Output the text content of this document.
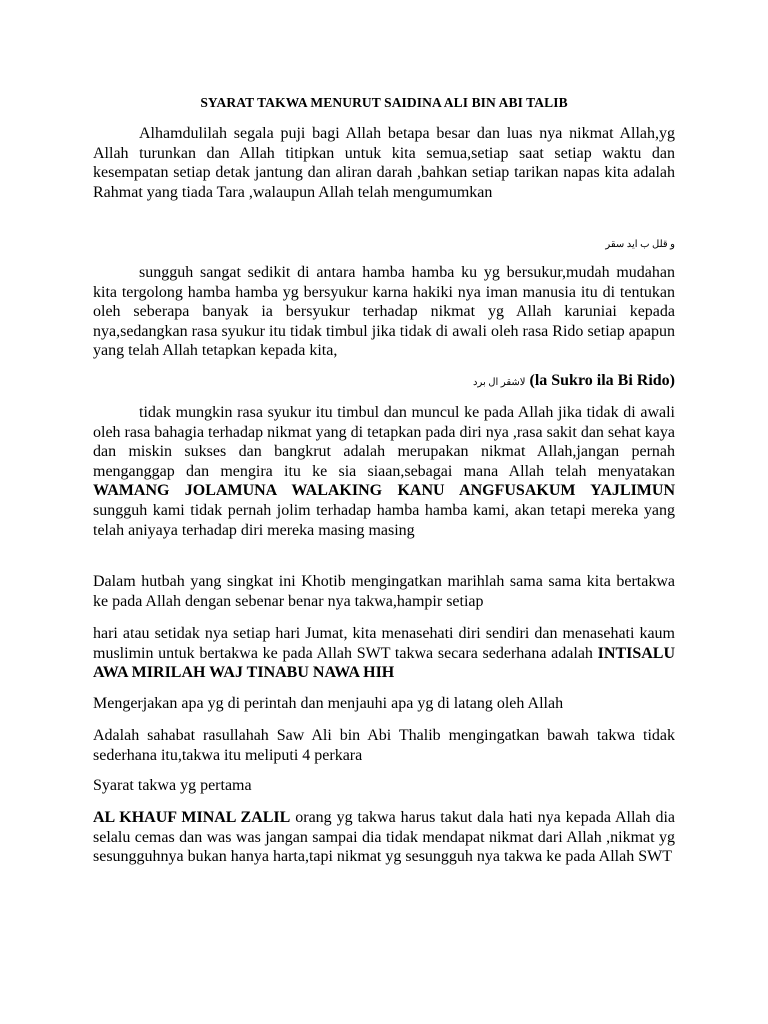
SYARAT TAKWA MENURUT SAIDINA ALI BIN ABI TALIB

Alhamdulilah segala puji bagi Allah betapa besar dan luas nya nikmat Allah,yg Allah turunkan dan Allah titipkan untuk kita semua,setiap saat setiap waktu dan kesempatan setiap detak jantung dan aliran darah ,bahkan setiap tarikan napas kita adalah Rahmat yang tiada Tara ,walaupun Allah telah mengumumkan

و قلل ب ايد سقر

sungguh sangat sedikit di antara hamba hamba ku yg bersukur,mudah mudahan kita tergolong hamba hamba yg bersyukur karna hakiki nya iman manusia itu di tentukan oleh seberapa banyak ia bersyukur terhadap nikmat yg Allah karuniai kepada nya,sedangkan rasa syukur itu tidak timbul jika tidak di awali oleh rasa Rido setiap apapun yang telah Allah tetapkan kepada kita,

لاشقر ال برد (la Sukro ila Bi Rido)

tidak mungkin rasa syukur itu timbul dan muncul ke pada Allah jika tidak di awali oleh rasa bahagia terhadap nikmat yang di tetapkan pada diri nya ,rasa sakit dan sehat kaya dan miskin sukses dan bangkrut adalah merupakan nikmat Allah,jangan pernah menganggap dan mengira itu ke sia siaan,sebagai mana Allah telah menyatakan WAMANG JOLAMUNA WALAKING KANU ANGFUSAKUM YAJLIMUN sungguh kami tidak pernah jolim terhadap hamba hamba kami, akan tetapi mereka yang telah aniyaya terhadap diri mereka masing masing

Dalam hutbah yang singkat ini Khotib mengingatkan marihlah sama sama kita bertakwa ke pada Allah dengan sebenar benar nya takwa,hampir setiap

hari atau setidak nya setiap hari Jumat, kita menasehati diri sendiri dan menasehati kaum muslimin untuk bertakwa ke pada Allah SWT takwa secara sederhana adalah INTISALU AWA MIRILAH WAJ TINABU NAWA HIH

Mengerjakan apa yg di perintah dan menjauhi apa yg di latang oleh Allah

Adalah sahabat rasullahah Saw Ali bin Abi Thalib mengingatkan bawah takwa tidak sederhana itu,takwa itu meliputi 4 perkara

Syarat takwa yg pertama

AL KHAUF MINAL ZALIL orang yg takwa harus takut dala hati nya kepada Allah dia selalu cemas dan was was jangan sampai dia tidak mendapat nikmat dari Allah ,nikmat yg sesungguhnya bukan hanya harta,tapi nikmat yg sesungguh nya takwa ke pada Allah SWT
